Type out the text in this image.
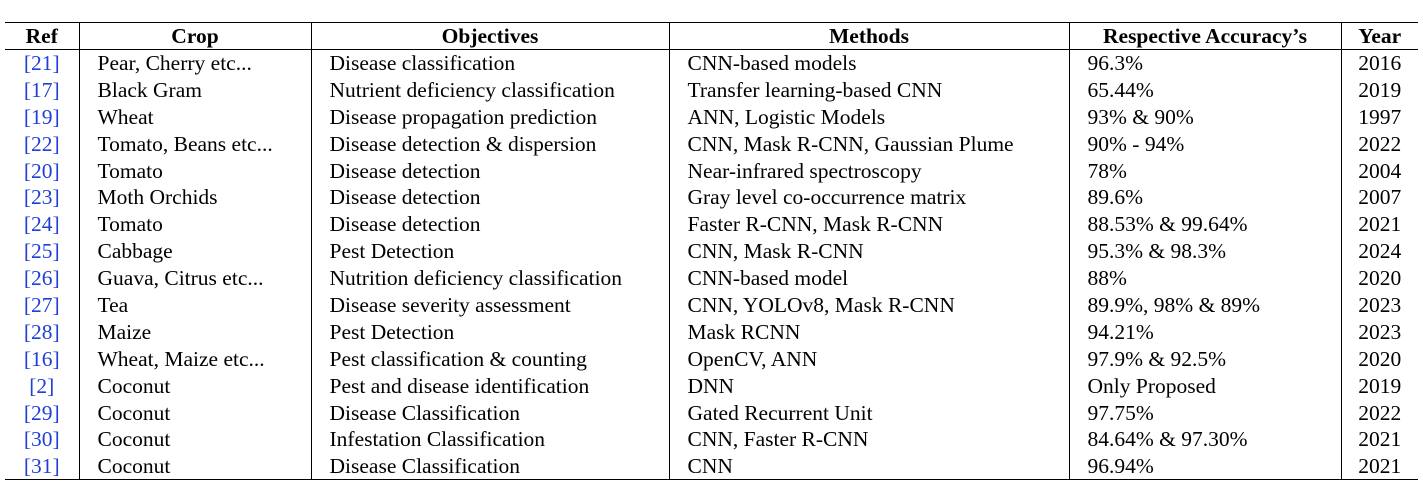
Ref	Crop	Objectives	Methods	Respective Accuracy’s	Year
[21]	Pear, Cherry etc...	Disease classification	CNN-based models	96.3%	2016
[17]	Black Gram	Nutrient deficiency classification	Transfer learning-based CNN	65.44%	2019
[19]	Wheat	Disease propagation prediction	ANN, Logistic Models	93% & 90%	1997
[22]	Tomato, Beans etc...	Disease detection & dispersion	CNN, Mask R-CNN, Gaussian Plume	90% - 94%	2022
[20]	Tomato	Disease detection	Near-infrared spectroscopy	78%	2004
[23]	Moth Orchids	Disease detection	Gray level co-occurrence matrix	89.6%	2007
[24]	Tomato	Disease detection	Faster R-CNN, Mask R-CNN	88.53% & 99.64%	2021
[25]	Cabbage	Pest Detection	CNN, Mask R-CNN	95.3% & 98.3%	2024
[26]	Guava, Citrus etc...	Nutrition deficiency classification	CNN-based model	88%	2020
[27]	Tea	Disease severity assessment	CNN, YOLOv8, Mask R-CNN	89.9%, 98% & 89%	2023
[28]	Maize	Pest Detection	Mask RCNN	94.21%	2023
[16]	Wheat, Maize etc...	Pest classification & counting	OpenCV, ANN	97.9% & 92.5%	2020
[2]	Coconut	Pest and disease identification	DNN	Only Proposed	2019
[29]	Coconut	Disease Classification	Gated Recurrent Unit	97.75%	2022
[30]	Coconut	Infestation Classification	CNN, Faster R-CNN	84.64% & 97.30%	2021
[31]	Coconut	Disease Classification	CNN	96.94%	2021
